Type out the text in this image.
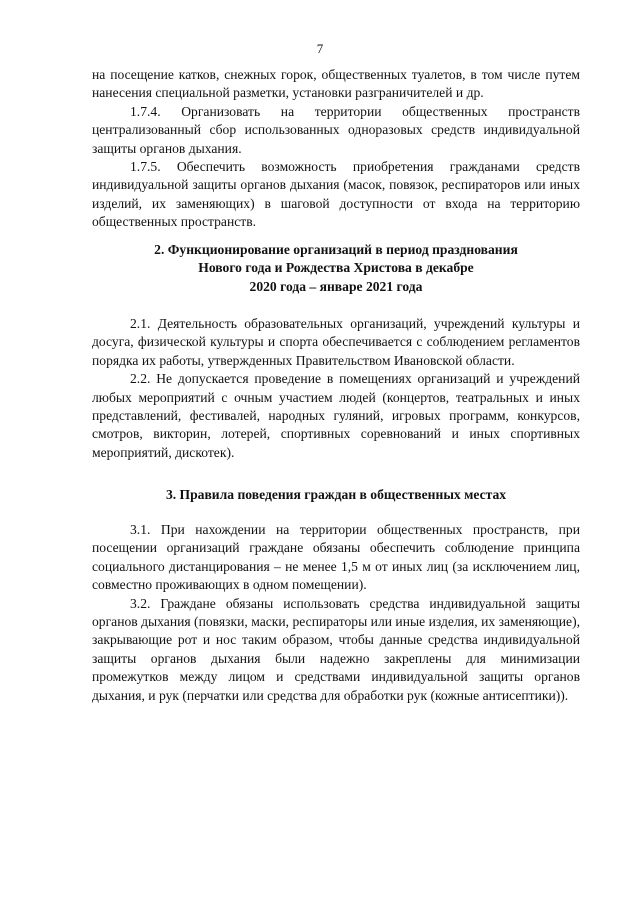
7

на посещение катков, снежных горок, общественных туалетов, в том числе путем нанесения специальной разметки, установки разграничителей и др.

1.7.4. Организовать на территории общественных пространств централизованный сбор использованных одноразовых средств индивидуальной защиты органов дыхания.

1.7.5. Обеспечить возможность приобретения гражданами средств индивидуальной защиты органов дыхания (масок, повязок, респираторов или иных изделий, их заменяющих) в шаговой доступности от входа на территорию общественных пространств.

2. Функционирование организаций в период празднования
Нового года и Рождества Христова в декабре
2020 года – январе 2021 года

2.1. Деятельность образовательных организаций, учреждений культуры и досуга, физической культуры и спорта обеспечивается с соблюдением регламентов порядка их работы, утвержденных Правительством Ивановской области.

2.2. Не допускается проведение в помещениях организаций и учреждений любых мероприятий с очным участием людей (концертов, театральных и иных представлений, фестивалей, народных гуляний, игровых программ, конкурсов, смотров, викторин, лотерей, спортивных соревнований и иных спортивных мероприятий, дискотек).

3. Правила поведения граждан в общественных местах

3.1. При нахождении на территории общественных пространств, при посещении организаций граждане обязаны обеспечить соблюдение принципа социального дистанцирования – не менее 1,5 м от иных лиц (за исключением лиц, совместно проживающих в одном помещении).

3.2. Граждане обязаны использовать средства индивидуальной защиты органов дыхания (повязки, маски, респираторы или иные изделия, их заменяющие), закрывающие рот и нос таким образом, чтобы данные средства индивидуальной защиты органов дыхания были надежно закреплены для минимизации промежутков между лицом и средствами индивидуальной защиты органов дыхания, и рук (перчатки или средства для обработки рук (кожные антисептики)).
